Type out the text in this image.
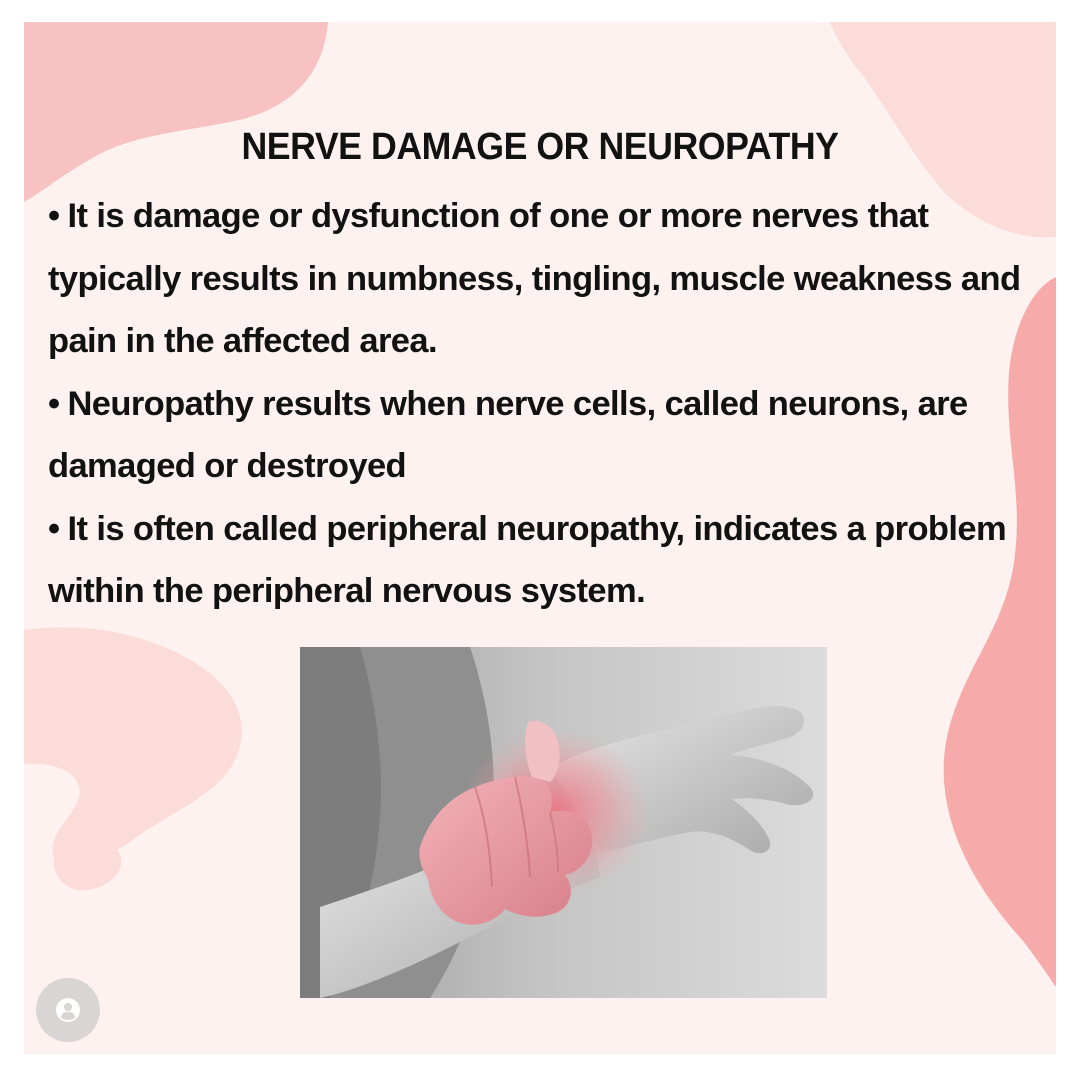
NERVE DAMAGE OR NEUROPATHY
• It is damage or dysfunction of one or more nerves that typically results in numbness, tingling, muscle weakness and pain in the affected area.
• Neuropathy results when nerve cells, called neurons, are damaged or destroyed
• It is often called peripheral neuropathy, indicates a problem within the peripheral nervous system.
